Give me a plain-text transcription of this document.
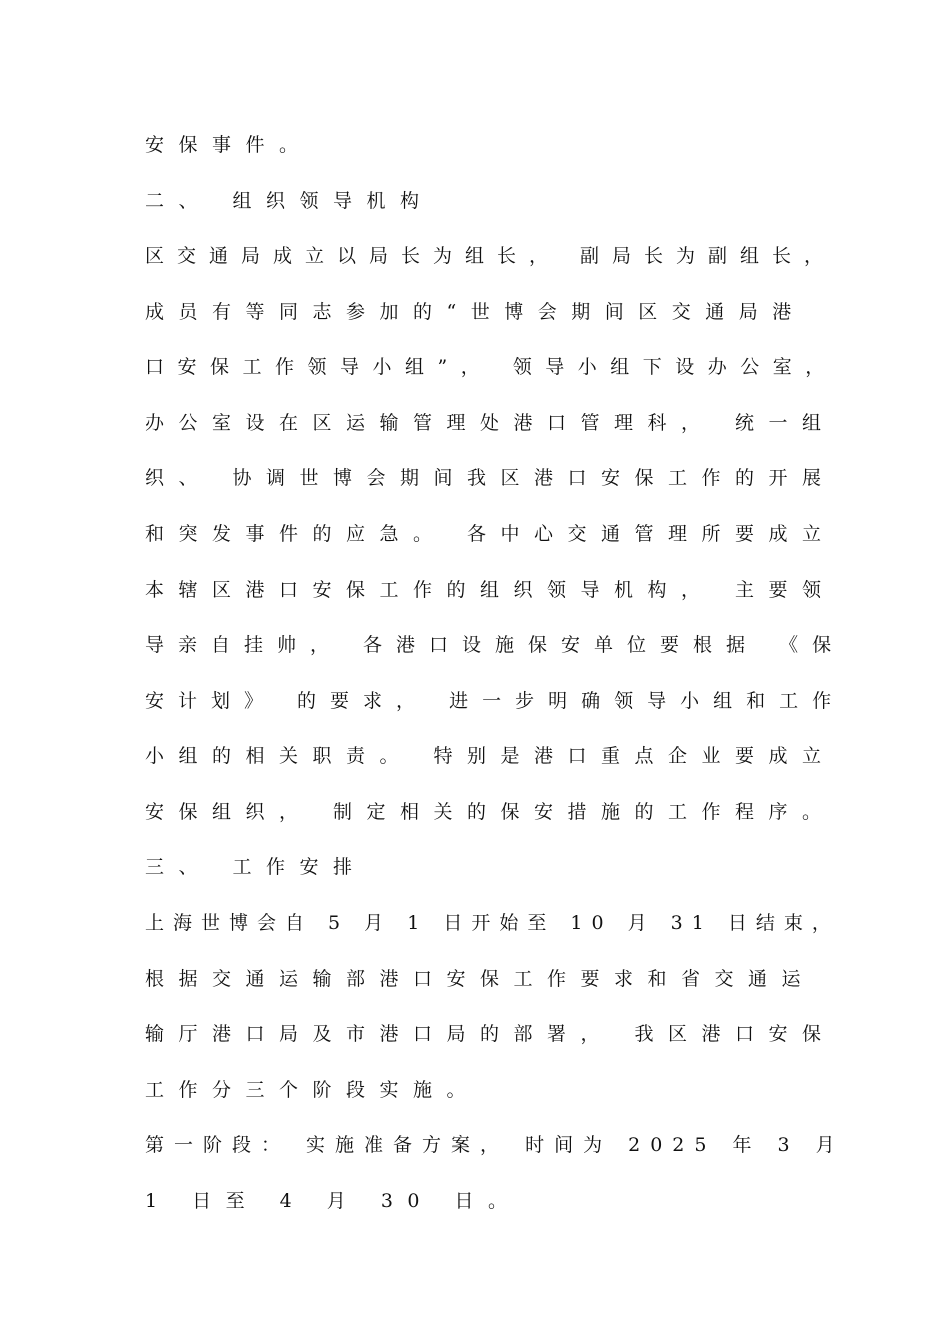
安保事件。

二、 组织领导机构

区交通局成立以局长为组长， 副局长为副组长，

成员有等同志参加的“世博会期间区交通局港

口安保工作领导小组”， 领导小组下设办公室，

办公室设在区运输管理处港口管理科， 统一组

织、 协调世博会期间我区港口安保工作的开展

和突发事件的应急。 各中心交通管理所要成立

本辖区港口安保工作的组织领导机构， 主要领

导亲自挂帅， 各港口设施保安单位要根据 《保

安计划》 的要求， 进一步明确领导小组和工作

小组的相关职责。 特别是港口重点企业要成立

安保组织， 制定相关的保安措施的工作程序。

三、 工作安排

上海世博会自 5 月 1 日开始至 10 月 31 日结束，

根据交通运输部港口安保工作要求和省交通运

输厅港口局及市港口局的部署， 我区港口安保

工作分三个阶段实施。

第一阶段： 实施准备方案， 时间为 2025 年 3 月

1 日至 4 月 30 日。
